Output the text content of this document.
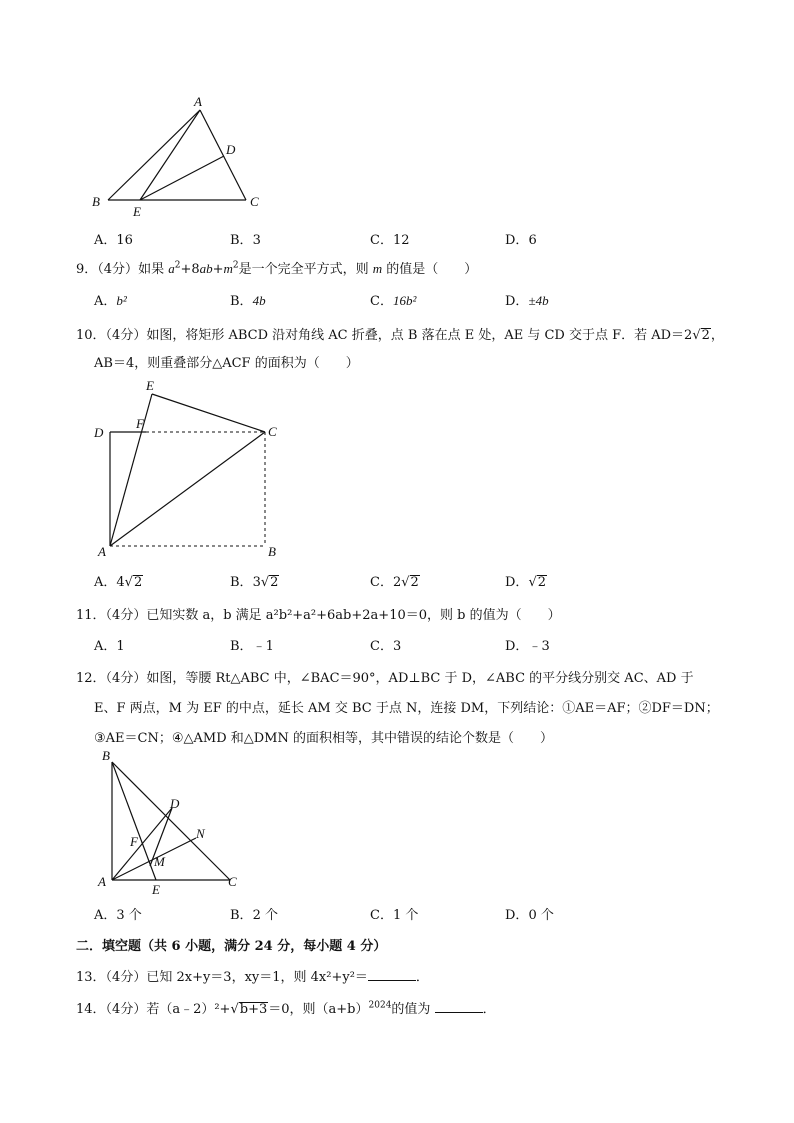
A
B	C
D
E
A．16	B．3	C．12	D．6
9．（4分）如果 $a^2+8ab+m^2$是一个完全平方式，则 m 的值是（　　）
A．b²	B．4b	C．16b²	D．±4b
10．（4分）如图，将矩形 ABCD 沿对角线 AC 折叠，点 B 落在点 E 处，AE 与 CD 交于点 F．若 AD＝2√2，
AB＝4，则重叠部分△ACF 的面积为（　　）
A	B
C
D
E
F
A．4√2	B．3√2	C．2√2	D．√2
11．（4分）已知实数 a，b 满足 a²b²+a²+6ab+2a+10＝0，则 b 的值为（　　）
A．1	B．﹣1	C．3	D．﹣3
12．（4分）如图，等腰 Rt△ABC 中，∠BAC＝90°，AD⊥BC 于 D，∠ABC 的平分线分别交 AC、AD 于
E、F 两点，M 为 EF 的中点，延长 AM 交 BC 于点 N，连接 DM，下列结论：①AE＝AF；②DF＝DN；
③AE＝CN；④△AMD 和△DMN 的面积相等，其中错误的结论个数是（　　）
A
B
C
D
E
F
M
N
A．3 个	B．2 个	C．1 个	D．0 个
二．填空题（共 6 小题，满分 24 分，每小题 4 分）
13．（4分）已知 2x+y＝3，xy＝1，则 4x²+y²＝	．
14．（4分）若（a﹣2）²+√b+3＝0，则$(a+b)^{2024}$的值为	．
